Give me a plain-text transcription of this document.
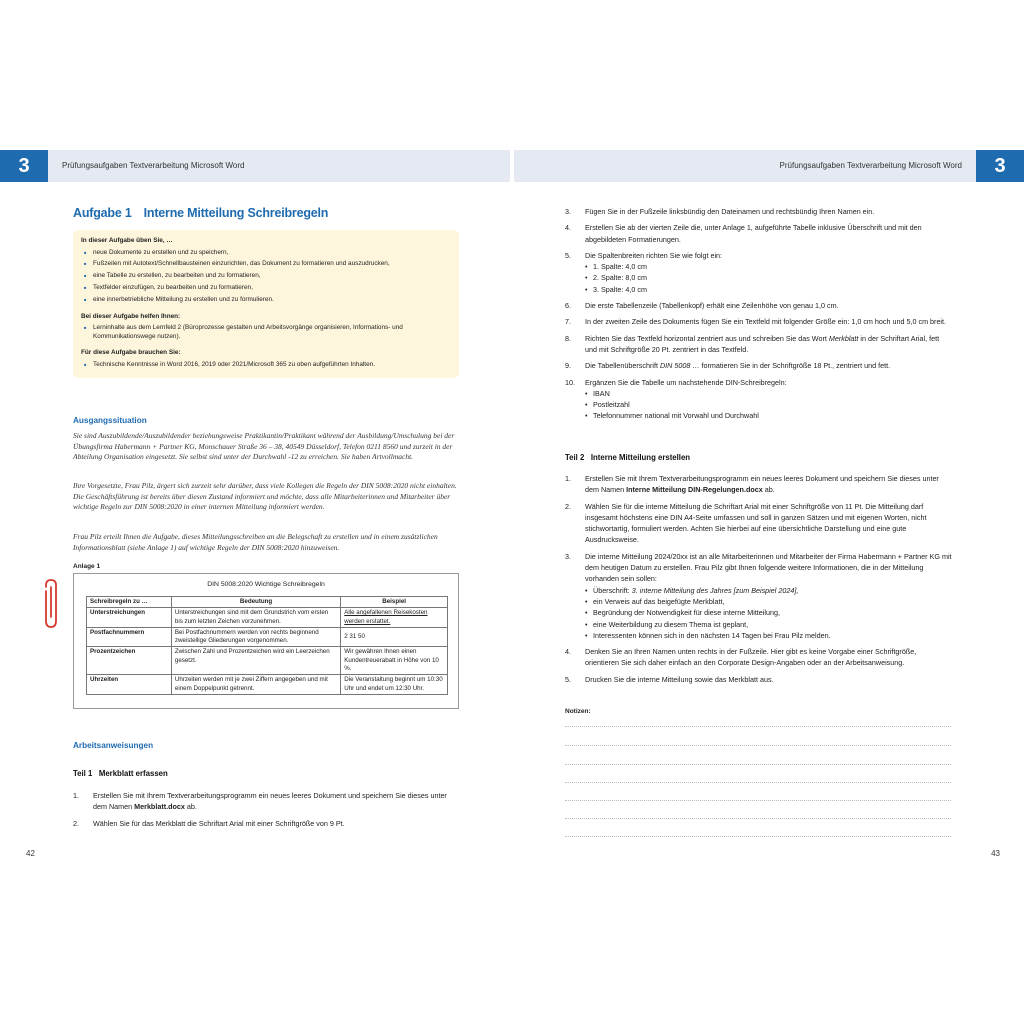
3	3
Prüfungsaufgaben Textverarbeitung Microsoft Word	Prüfungsaufgaben Textverarbeitung Microsoft Word
Aufgabe 1 Interne Mitteilung Schreibregeln
In dieser Aufgabe üben Sie, …
■ neue Dokumente zu erstellen und zu speichern,
■ Fußzeilen mit Autotext/Schnellbausteinen einzurichten, das Dokument zu formatieren und auszudrucken,
■ eine Tabelle zu erstellen, zu bearbeiten und zu formatieren,
■ Textfelder einzufügen, zu bearbeiten und zu formatieren,
■ eine innerbetriebliche Mitteilung zu erstellen und zu formulieren.
Bei dieser Aufgabe helfen Ihnen:
■ Lerninhalte aus dem Lernfeld 2 (Büroprozesse gestalten und Arbeitsvorgänge organisieren, Informations- und Kommunikationswege nutzen).
Für diese Aufgabe brauchen Sie:
■ Technische Kenntnisse in Word 2016, 2019 oder 2021/Microsoft 365 zu oben aufgeführten Inhalten.
Ausgangssituation
Sie sind Auszubildende/Auszubildender beziehungsweise Praktikantin/Praktikant während der Ausbildung/Umschulung bei der Übungsfirma Habermann + Partner KG, Monschauer Straße 36 – 38, 40549 Düsseldorf, Telefon 0211 8560 und zurzeit in der Abteilung Organisation eingesetzt. Sie selbst sind unter der Durchwahl -12 zu erreichen. Sie haben Artvollmacht.
Ihre Vorgesetzte, Frau Pilz, ärgert sich zurzeit sehr darüber, dass viele Kollegen die Regeln der DIN 5008:2020 nicht einhalten. Die Geschäftsführung ist bereits über diesen Zustand informiert und möchte, dass alle Mitarbeiterinnen und Mitarbeiter über wichtige Regeln zur DIN 5008:2020 in einer internen Mitteilung informiert werden.
Frau Pilz erteilt Ihnen die Aufgabe, dieses Mitteilungsschreiben an die Belegschaft zu erstellen und in einem zusätzlichen Informationsblatt (siehe Anlage 1) auf wichtige Regeln der DIN 5008:2020 hinzuweisen.
Anlage 1
DIN 5008:2020 Wichtige Schreibregeln
Schreibregeln zu …	Bedeutung	Beispiel
Unterstreichungen	Unterstreichungen sind mit dem Grundstrich vom ersten bis zum letzten Zeichen vorzunehmen.	Alle angefallenen Reisekosten werden erstattet.
Postfachnummern	Bei Postfachnummern werden von rechts beginnend zweistellige Gliederungen vorgenommen.	2 31 50
Prozentzeichen	Zwischen Zahl und Prozentzeichen wird ein Leerzeichen gesetzt.	Wir gewähren Ihnen einen Kundentreuerabatt in Höhe von 10 %.
Uhrzeiten	Uhrzeiten werden mit je zwei Ziffern angegeben und mit einem Doppelpunkt getrennt.	Die Veranstaltung beginnt um 10:30 Uhr und endet um 12:30 Uhr.
Arbeitsanweisungen
Teil 1   Merkblatt erfassen
1. Erstellen Sie mit Ihrem Textverarbeitungsprogramm ein neues leeres Dokument und speichern Sie dieses unter dem Namen Merkblatt.docx ab.
2. Wählen Sie für das Merkblatt die Schriftart Arial mit einer Schriftgröße von 9 Pt.
42
3. Fügen Sie in der Fußzeile linksbündig den Dateinamen und rechtsbündig Ihren Namen ein.
4. Erstellen Sie ab der vierten Zeile die, unter Anlage 1, aufgeführte Tabelle inklusive Überschrift und mit den abgebildeten Formatierungen.
5. Die Spaltenbreiten richten Sie wie folgt ein:
• 1. Spalte: 4,0 cm
• 2. Spalte: 8,0 cm
• 3. Spalte: 4,0 cm
6. Die erste Tabellenzeile (Tabellenkopf) erhält eine Zeilenhöhe von genau 1,0 cm.
7. In der zweiten Zeile des Dokuments fügen Sie ein Textfeld mit folgender Größe ein: 1,0 cm hoch und 5,0 cm breit.
8. Richten Sie das Textfeld horizontal zentriert aus und schreiben Sie das Wort Merkblatt in der Schriftart Arial, fett und mit Schriftgröße 20 Pt. zentriert in das Textfeld.
9. Die Tabellenüberschrift DIN 5008 … formatieren Sie in der Schriftgröße 18 Pt., zentriert und fett.
10. Ergänzen Sie die Tabelle um nachstehende DIN-Schreibregeln:
• IBAN
• Postleitzahl
• Telefonnummer national mit Vorwahl und Durchwahl
Teil 2   Interne Mitteilung erstellen
1. Erstellen Sie mit Ihrem Textverarbeitungsprogramm ein neues leeres Dokument und speichern Sie dieses unter dem Namen Interne Mitteilung DIN-Regelungen.docx ab.
2. Wählen Sie für die interne Mitteilung die Schriftart Arial mit einer Schriftgröße von 11 Pt. Die Mitteilung darf insgesamt höchstens eine DIN A4-Seite umfassen und soll in ganzen Sätzen und mit eigenen Worten, nicht stichwortartig, formuliert werden. Achten Sie hierbei auf eine übersichtliche Darstellung und eine gute Ausdrucksweise.
3. Die interne Mitteilung 2024/20xx ist an alle Mitarbeiterinnen und Mitarbeiter der Firma Habermann + Partner KG mit dem heutigen Datum zu erstellen. Frau Pilz gibt Ihnen folgende weitere Informationen, die in der Mitteilung vorhanden sein sollen:
• Überschrift: 3. interne Mitteilung des Jahres [zum Beispiel 2024],
• ein Verweis auf das beigefügte Merkblatt,
• Begründung der Notwendigkeit für diese interne Mitteilung,
• eine Weiterbildung zu diesem Thema ist geplant,
• Interessenten können sich in den nächsten 14 Tagen bei Frau Pilz melden.
4. Denken Sie an Ihren Namen unten rechts in der Fußzeile. Hier gibt es keine Vorgabe einer Schriftgröße, orientieren Sie sich daher einfach an den Corporate Design-Angaben oder an der Arbeitsanweisung.
5. Drucken Sie die interne Mitteilung sowie das Merkblatt aus.
Notizen:
43
